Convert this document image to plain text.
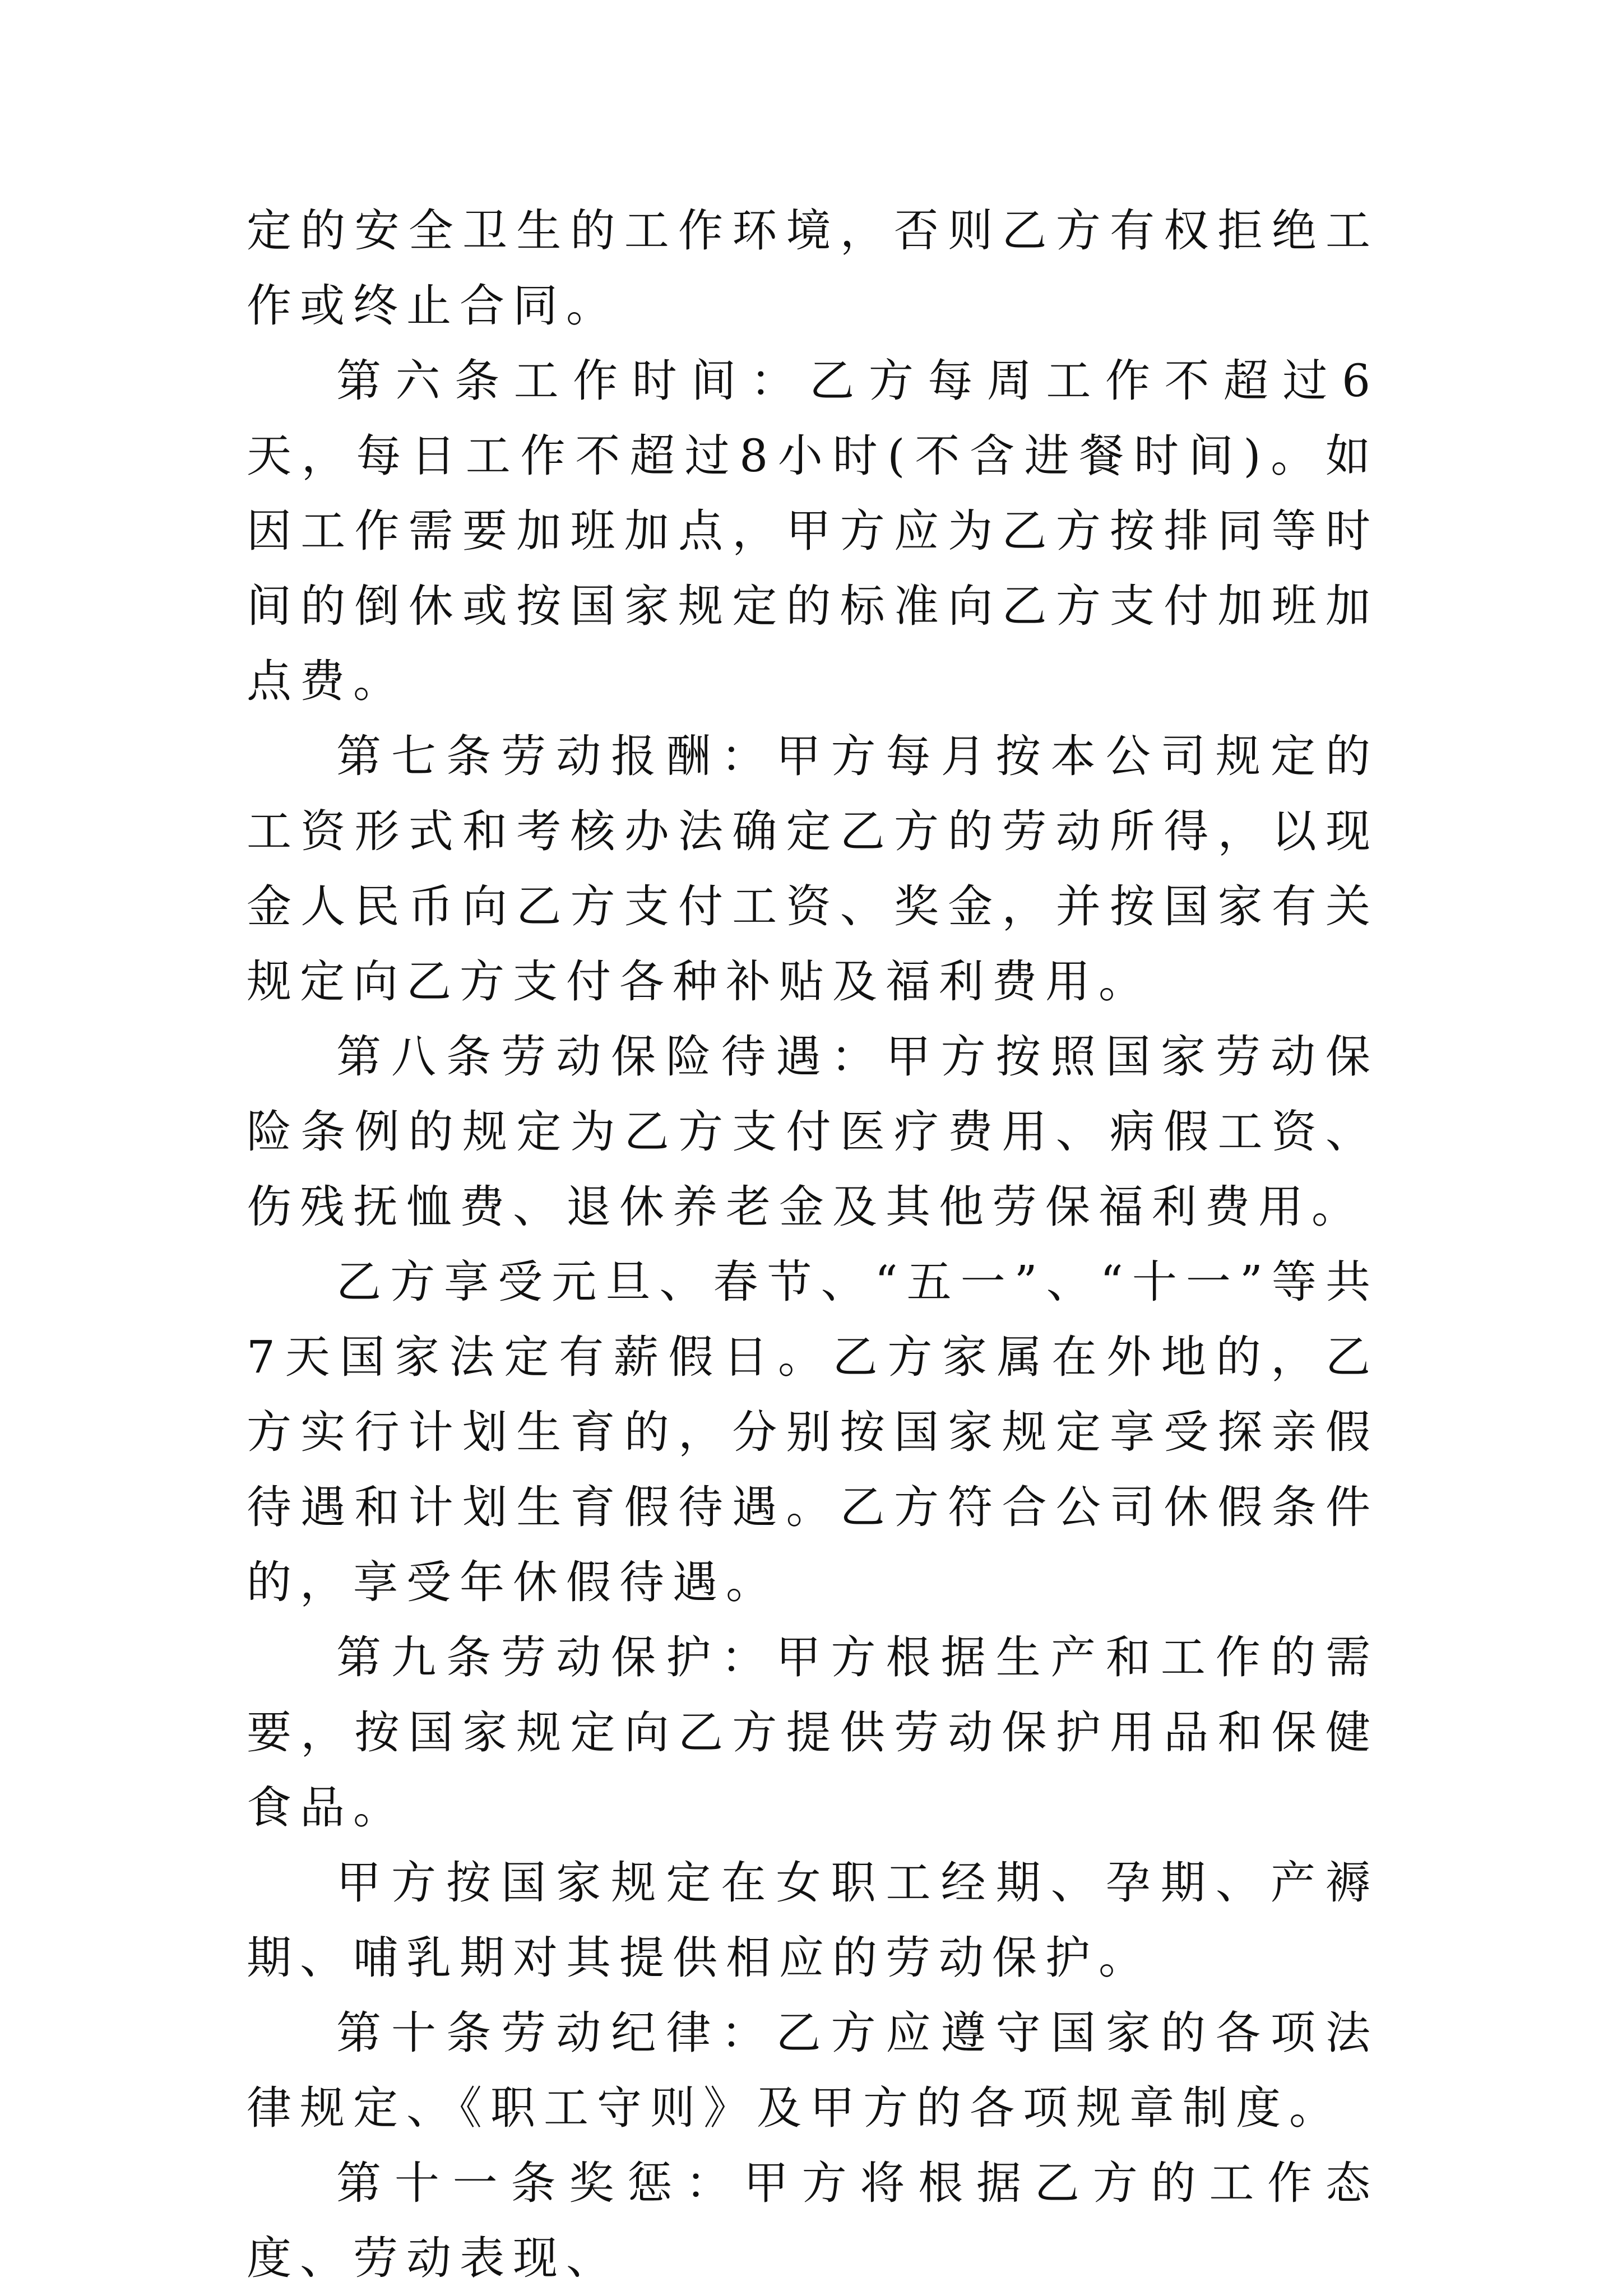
定的安全卫生的工作环境，否则乙方有权拒绝工作或终止合同。

第六条工作时间：乙方每周工作不超过6天，每日工作不超过8小时(不含进餐时间)。如因工作需要加班加点，甲方应为乙方按排同等时间的倒休或按国家规定的标准向乙方支付加班加点费。

第七条劳动报酬：甲方每月按本公司规定的工资形式和考核办法确定乙方的劳动所得，以现金人民币向乙方支付工资、奖金，并按国家有关规定向乙方支付各种补贴及福利费用。

第八条劳动保险待遇：甲方按照国家劳动保险条例的规定为乙方支付医疗费用、病假工资、伤残抚恤费、退休养老金及其他劳保福利费用。

乙方享受元旦、春节、“五一”、“十一”等共7天国家法定有薪假日。乙方家属在外地的，乙方实行计划生育的，分别按国家规定享受探亲假待遇和计划生育假待遇。乙方符合公司休假条件的，享受年休假待遇。

第九条劳动保护：甲方根据生产和工作的需要，按国家规定向乙方提供劳动保护用品和保健食品。

甲方按国家规定在女职工经期、孕期、产褥期、哺乳期对其提供相应的劳动保护。

第十条劳动纪律：乙方应遵守国家的各项法律规定、《职工守则》及甲方的各项规章制度。

第十一条奖惩：甲方将根据乙方的工作态度、劳动表现、
